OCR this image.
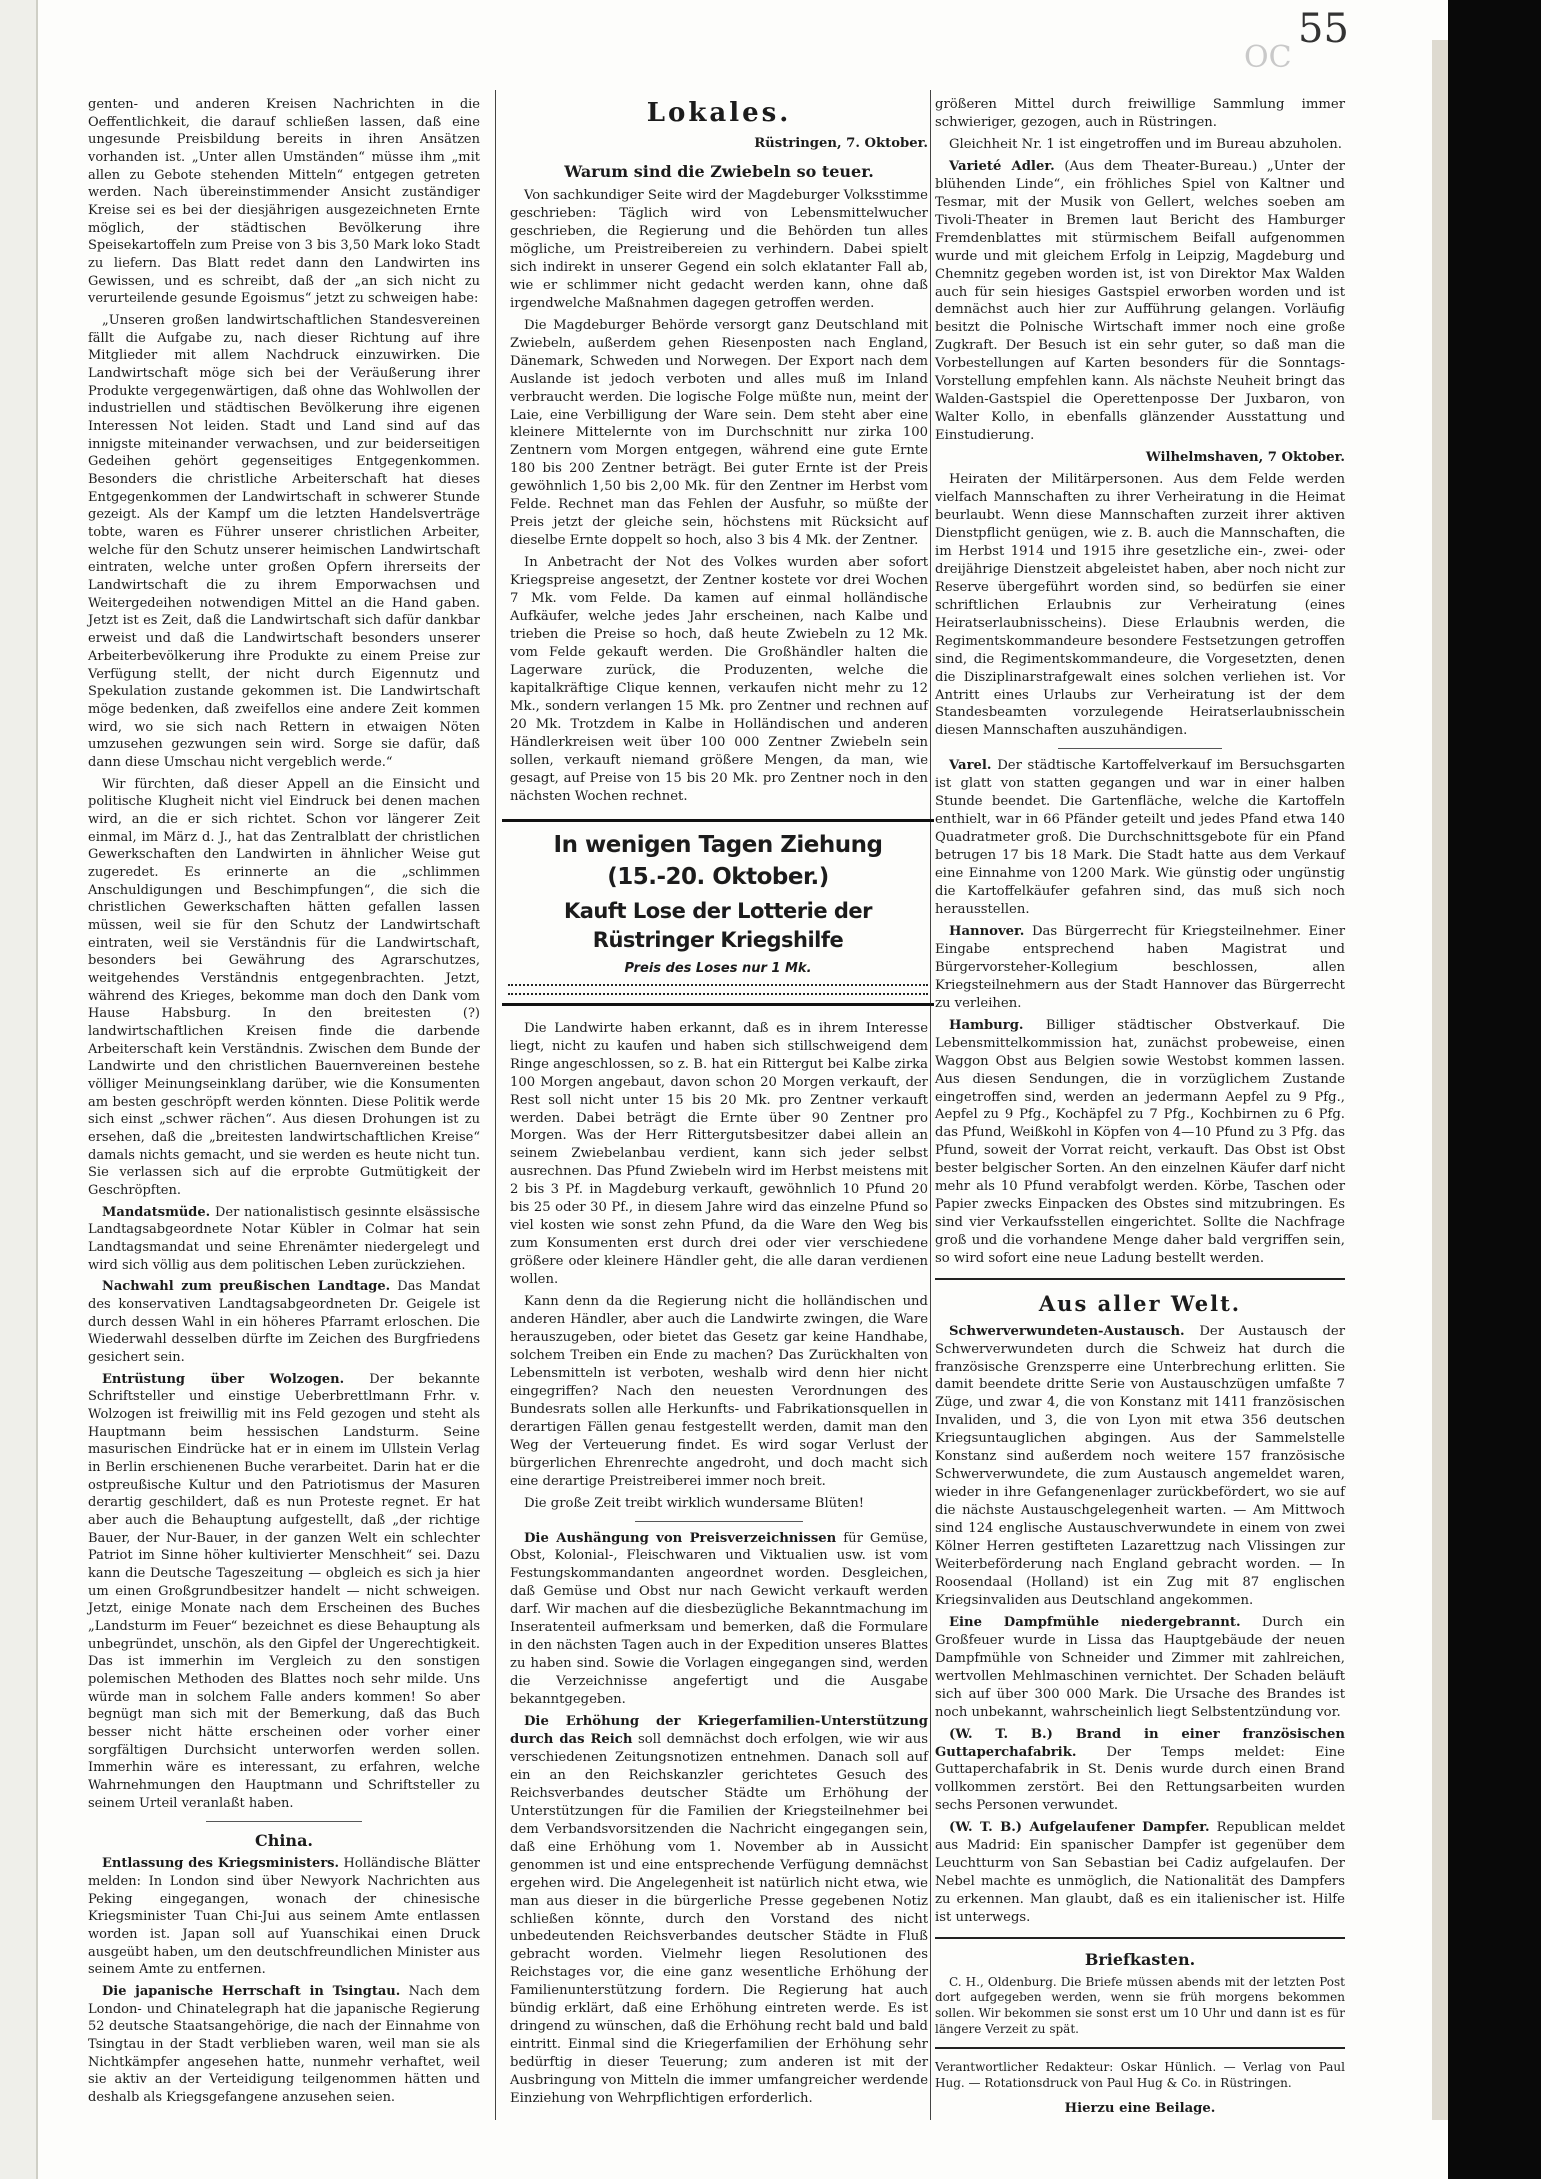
55
OC

genten- und anderen Kreisen Nachrichten in die Oeffentlichkeit, die darauf schließen lassen, daß eine ungesunde Preisbildung bereits in ihren Ansätzen vorhanden ist. „Unter allen Umständen“ müsse ihm „mit allen zu Gebote stehenden Mitteln“ entgegen getreten werden. Nach übereinstimmender Ansicht zuständiger Kreise sei es bei der diesjährigen ausgezeichneten Ernte möglich, der städtischen Bevölkerung ihre Speisekartoffeln zum Preise von 3 bis 3,50 Mark loko Stadt zu liefern. Das Blatt redet dann den Landwirten ins Gewissen, und es schreibt, daß der „an sich nicht zu verurteilende gesunde Egoismus“ jetzt zu schweigen habe:

„Unseren großen landwirtschaftlichen Standesvereinen fällt die Aufgabe zu, nach dieser Richtung auf ihre Mitglieder mit allem Nachdruck einzuwirken. Die Landwirtschaft möge sich bei der Veräußerung ihrer Produkte vergegenwärtigen, daß ohne das Wohlwollen der industriellen und städtischen Bevölkerung ihre eigenen Interessen Not leiden. Stadt und Land sind auf das innigste miteinander verwachsen, und zur beiderseitigen Gedeihen gehört gegenseitiges Entgegenkommen. Besonders die christliche Arbeiterschaft hat dieses Entgegenkommen der Landwirtschaft in schwerer Stunde gezeigt. Als der Kampf um die letzten Handelsverträge tobte, waren es Führer unserer christlichen Arbeiter, welche für den Schutz unserer heimischen Landwirtschaft eintraten, welche unter großen Opfern ihrerseits der Landwirtschaft die zu ihrem Emporwachsen und Weitergedeihen notwendigen Mittel an die Hand gaben. Jetzt ist es Zeit, daß die Landwirtschaft sich dafür dankbar erweist und daß die Landwirtschaft besonders unserer Arbeiterbevölkerung ihre Produkte zu einem Preise zur Verfügung stellt, der nicht durch Eigennutz und Spekulation zustande gekommen ist. Die Landwirtschaft möge bedenken, daß zweifellos eine andere Zeit kommen wird, wo sie sich nach Rettern in etwaigen Nöten umzusehen gezwungen sein wird. Sorge sie dafür, daß dann diese Umschau nicht vergeblich werde.“

Wir fürchten, daß dieser Appell an die Einsicht und politische Klugheit nicht viel Eindruck bei denen machen wird, an die er sich richtet. Schon vor längerer Zeit einmal, im März d. J., hat das Zentralblatt der christlichen Gewerkschaften den Landwirten in ähnlicher Weise gut zugeredet. Es erinnerte an die „schlimmen Anschuldigungen und Beschimpfungen“, die sich die christlichen Gewerkschaften hätten gefallen lassen müssen, weil sie für den Schutz der Landwirtschaft eintraten, weil sie Verständnis für die Landwirtschaft, besonders bei Gewährung des Agrarschutzes, weitgehendes Verständnis entgegenbrachten. Jetzt, während des Krieges, bekomme man doch den Dank vom Hause Habsburg. In den breitesten (?) landwirtschaftlichen Kreisen finde die darbende Arbeiterschaft kein Verständnis. Zwischen dem Bunde der Landwirte und den christlichen Bauernvereinen bestehe völliger Meinungseinklang darüber, wie die Konsumenten am besten geschröpft werden könnten. Diese Politik werde sich einst „schwer rächen“. Aus diesen Drohungen ist zu ersehen, daß die „breitesten landwirtschaftlichen Kreise“ damals nichts gemacht, und sie werden es heute nicht tun. Sie verlassen sich auf die erprobte Gutmütigkeit der Geschröpften.

Mandatsmüde. Der nationalistisch gesinnte elsässische Landtagsabgeordnete Notar Kübler in Colmar hat sein Landtagsmandat und seine Ehrenämter niedergelegt und wird sich völlig aus dem politischen Leben zurückziehen.

Nachwahl zum preußischen Landtage. Das Mandat des konservativen Landtagsabgeordneten Dr. Geigele ist durch dessen Wahl in ein höheres Pfarramt erloschen. Die Wiederwahl desselben dürfte im Zeichen des Burgfriedens gesichert sein.

Entrüstung über Wolzogen. Der bekannte Schriftsteller und einstige Ueberbrettlmann Frhr. v. Wolzogen ist freiwillig mit ins Feld gezogen und steht als Hauptmann beim hessischen Landsturm. Seine masurischen Eindrücke hat er in einem im Ullstein Verlag in Berlin erschienenen Buche verarbeitet. Darin hat er die ostpreußische Kultur und den Patriotismus der Masuren derartig geschildert, daß es nun Proteste regnet. Er hat aber auch die Behauptung aufgestellt, daß „der richtige Bauer, der Nur-Bauer, in der ganzen Welt ein schlechter Patriot im Sinne höher kultivierter Menschheit“ sei. Dazu kann die Deutsche Tageszeitung — obgleich es sich ja hier um einen Großgrundbesitzer handelt — nicht schweigen. Jetzt, einige Monate nach dem Erscheinen des Buches „Landsturm im Feuer“ bezeichnet es diese Behauptung als unbegründet, unschön, als den Gipfel der Ungerechtigkeit. Das ist immerhin im Vergleich zu den sonstigen polemischen Methoden des Blattes noch sehr milde. Uns würde man in solchem Falle anders kommen! So aber begnügt man sich mit der Bemerkung, daß das Buch besser nicht hätte erscheinen oder vorher einer sorgfältigen Durchsicht unterworfen werden sollen. Immerhin wäre es interessant, zu erfahren, welche Wahrnehmungen den Hauptmann und Schriftsteller zu seinem Urteil veranlaßt haben.

China.

Entlassung des Kriegsministers. Holländische Blätter melden: In London sind über Newyork Nachrichten aus Peking eingegangen, wonach der chinesische Kriegsminister Tuan Chi-Jui aus seinem Amte entlassen worden ist. Japan soll auf Yuanschikai einen Druck ausgeübt haben, um den deutschfreundlichen Minister aus seinem Amte zu entfernen.

Die japanische Herrschaft in Tsingtau. Nach dem London- und Chinatelegraph hat die japanische Regierung 52 deutsche Staatsangehörige, die nach der Einnahme von Tsingtau in der Stadt verblieben waren, weil man sie als Nichtkämpfer angesehen hatte, nunmehr verhaftet, weil sie aktiv an der Verteidigung teilgenommen hätten und deshalb als Kriegsgefangene anzusehen seien.

Lokales.
Rüstringen, 7. Oktober.
Warum sind die Zwiebeln so teuer.

Von sachkundiger Seite wird der Magdeburger Volksstimme geschrieben: Täglich wird von Lebensmittelwucher geschrieben, die Regierung und die Behörden tun alles mögliche, um Preistreibereien zu verhindern. Dabei spielt sich indirekt in unserer Gegend ein solch eklatanter Fall ab, wie er schlimmer nicht gedacht werden kann, ohne daß irgendwelche Maßnahmen dagegen getroffen werden.

Die Magdeburger Behörde versorgt ganz Deutschland mit Zwiebeln, außerdem gehen Riesenposten nach England, Dänemark, Schweden und Norwegen. Der Export nach dem Auslande ist jedoch verboten und alles muß im Inland verbraucht werden. Die logische Folge müßte nun, meint der Laie, eine Verbilligung der Ware sein. Dem steht aber eine kleinere Mittelernte von im Durchschnitt nur zirka 100 Zentnern vom Morgen entgegen, während eine gute Ernte 180 bis 200 Zentner beträgt. Bei guter Ernte ist der Preis gewöhnlich 1,50 bis 2,00 Mk. für den Zentner im Herbst vom Felde. Rechnet man das Fehlen der Ausfuhr, so müßte der Preis jetzt der gleiche sein, höchstens mit Rücksicht auf dieselbe Ernte doppelt so hoch, also 3 bis 4 Mk. der Zentner.

In Anbetracht der Not des Volkes wurden aber sofort Kriegspreise angesetzt, der Zentner kostete vor drei Wochen 7 Mk. vom Felde. Da kamen auf einmal holländische Aufkäufer, welche jedes Jahr erscheinen, nach Kalbe und trieben die Preise so hoch, daß heute Zwiebeln zu 12 Mk. vom Felde gekauft werden. Die Großhändler halten die Lagerware zurück, die Produzenten, welche die kapitalkräftige Clique kennen, verkaufen nicht mehr zu 12 Mk., sondern verlangen 15 Mk. pro Zentner und rechnen auf 20 Mk. Trotzdem in Kalbe in Holländischen und anderen Händlerkreisen weit über 100 000 Zentner Zwiebeln sein sollen, verkauft niemand größere Mengen, da man, wie gesagt, auf Preise von 15 bis 20 Mk. pro Zentner noch in den nächsten Wochen rechnet.

In wenigen Tagen Ziehung (15.-20. Oktober.)
Kauft Lose der Lotterie der Rüstringer Kriegshilfe
Preis des Loses nur 1 Mk.

Die Landwirte haben erkannt, daß es in ihrem Interesse liegt, nicht zu kaufen und haben sich stillschweigend dem Ringe angeschlossen, so z. B. hat ein Rittergut bei Kalbe zirka 100 Morgen angebaut, davon schon 20 Morgen verkauft, der Rest soll nicht unter 15 bis 20 Mk. pro Zentner verkauft werden. Dabei beträgt die Ernte über 90 Zentner pro Morgen. Was der Herr Rittergutsbesitzer dabei allein an seinem Zwiebelanbau verdient, kann sich jeder selbst ausrechnen. Das Pfund Zwiebeln wird im Herbst meistens mit 2 bis 3 Pf. in Magdeburg verkauft, gewöhnlich 10 Pfund 20 bis 25 oder 30 Pf., in diesem Jahre wird das einzelne Pfund so viel kosten wie sonst zehn Pfund, da die Ware den Weg bis zum Konsumenten erst durch drei oder vier verschiedene größere oder kleinere Händler geht, die alle daran verdienen wollen.

Kann denn da die Regierung nicht die holländischen und anderen Händler, aber auch die Landwirte zwingen, die Ware herauszugeben, oder bietet das Gesetz gar keine Handhabe, solchem Treiben ein Ende zu machen? Das Zurückhalten von Lebensmitteln ist verboten, weshalb wird denn hier nicht eingegriffen? Nach den neuesten Verordnungen des Bundesrats sollen alle Herkunfts- und Fabrikationsquellen in derartigen Fällen genau festgestellt werden, damit man den Weg der Verteuerung findet. Es wird sogar Verlust der bürgerlichen Ehrenrechte angedroht, und doch macht sich eine derartige Preistreiberei immer noch breit.

Die große Zeit treibt wirklich wundersame Blüten!

Die Aushängung von Preisverzeichnissen für Gemüse, Obst, Kolonial-, Fleischwaren und Viktualien usw. ist vom Festungskommandanten angeordnet worden. Desgleichen, daß Gemüse und Obst nur nach Gewicht verkauft werden darf. Wir machen auf die diesbezügliche Bekanntmachung im Inseratenteil aufmerksam und bemerken, daß die Formulare in den nächsten Tagen auch in der Expedition unseres Blattes zu haben sind. Sowie die Vorlagen eingegangen sind, werden die Verzeichnisse angefertigt und die Ausgabe bekanntgegeben.

Die Erhöhung der Kriegerfamilien-Unterstützung durch das Reich soll demnächst doch erfolgen, wie wir aus verschiedenen Zeitungsnotizen entnehmen. Danach soll auf ein an den Reichskanzler gerichtetes Gesuch des Reichsverbandes deutscher Städte um Erhöhung der Unterstützungen für die Familien der Kriegsteilnehmer bei dem Verbandsvorsitzenden die Nachricht eingegangen sein, daß eine Erhöhung vom 1. November ab in Aussicht genommen ist und eine entsprechende Verfügung demnächst ergehen wird. Die Angelegenheit ist natürlich nicht etwa, wie man aus dieser in die bürgerliche Presse gegebenen Notiz schließen könnte, durch den Vorstand des nicht unbedeutenden Reichsverbandes deutscher Städte in Fluß gebracht worden. Vielmehr liegen Resolutionen des Reichstages vor, die eine ganz wesentliche Erhöhung der Familienunterstützung fordern. Die Regierung hat auch bündig erklärt, daß eine Erhöhung eintreten werde. Es ist dringend zu wünschen, daß die Erhöhung recht bald und bald eintritt. Einmal sind die Kriegerfamilien der Erhöhung sehr bedürftig in dieser Teuerung; zum anderen ist mit der Ausbringung von Mitteln die immer umfangreicher werdende Einziehung von Wehrpflichtigen erforderlich.

größeren Mittel durch freiwillige Sammlung immer schwieriger, gezogen, auch in Rüstringen.

Gleichheit Nr. 1 ist eingetroffen und im Bureau abzuholen.

Varieté Adler. (Aus dem Theater-Bureau.) „Unter der blühenden Linde“, ein fröhliches Spiel von Kaltner und Tesmar, mit der Musik von Gellert, welches soeben am Tivoli-Theater in Bremen laut Bericht des Hamburger Fremdenblattes mit stürmischem Beifall aufgenommen wurde und mit gleichem Erfolg in Leipzig, Magdeburg und Chemnitz gegeben worden ist, ist von Direktor Max Walden auch für sein hiesiges Gastspiel erworben worden und ist demnächst auch hier zur Aufführung gelangen. Vorläufig besitzt die Polnische Wirtschaft immer noch eine große Zugkraft. Der Besuch ist ein sehr guter, so daß man die Vorbestellungen auf Karten besonders für die Sonntags-Vorstellung empfehlen kann. Als nächste Neuheit bringt das Walden-Gastspiel die Operettenposse Der Juxbaron, von Walter Kollo, in ebenfalls glänzender Ausstattung und Einstudierung.

Wilhelmshaven, 7 Oktober.

Heiraten der Militärpersonen. Aus dem Felde werden vielfach Mannschaften zu ihrer Verheiratung in die Heimat beurlaubt. Wenn diese Mannschaften zurzeit ihrer aktiven Dienstpflicht genügen, wie z. B. auch die Mannschaften, die im Herbst 1914 und 1915 ihre gesetzliche ein-, zwei- oder dreijährige Dienstzeit abgeleistet haben, aber noch nicht zur Reserve übergeführt worden sind, so bedürfen sie einer schriftlichen Erlaubnis zur Verheiratung (eines Heiratserlaubnisscheins). Diese Erlaubnis werden, die Regimentskommandeure besondere Festsetzungen getroffen sind, die Regimentskommandeure, die Vorgesetzten, denen die Disziplinarstrafgewalt eines solchen verliehen ist. Vor Antritt eines Urlaubs zur Verheiratung ist der dem Standesbeamten vorzulegende Heiratserlaubnisschein diesen Mannschaften auszuhändigen.

Varel. Der städtische Kartoffelverkauf im Bersuchsgarten ist glatt von statten gegangen und war in einer halben Stunde beendet. Die Gartenfläche, welche die Kartoffeln enthielt, war in 66 Pfänder geteilt und jedes Pfand etwa 140 Quadratmeter groß. Die Durchschnittsgebote für ein Pfand betrugen 17 bis 18 Mark. Die Stadt hatte aus dem Verkauf eine Einnahme von 1200 Mark. Wie günstig oder ungünstig die Kartoffelkäufer gefahren sind, das muß sich noch herausstellen.

Hannover. Das Bürgerrecht für Kriegsteilnehmer. Einer Eingabe entsprechend haben Magistrat und Bürgervorsteher-Kollegium beschlossen, allen Kriegsteilnehmern aus der Stadt Hannover das Bürgerrecht zu verleihen.

Hamburg. Billiger städtischer Obstverkauf. Die Lebensmittelkommission hat, zunächst probeweise, einen Waggon Obst aus Belgien sowie Westobst kommen lassen. Aus diesen Sendungen, die in vorzüglichem Zustande eingetroffen sind, werden an jedermann Aepfel zu 9 Pfg., Aepfel zu 9 Pfg., Kochäpfel zu 7 Pfg., Kochbirnen zu 6 Pfg. das Pfund, Weißkohl in Köpfen von 4—10 Pfund zu 3 Pfg. das Pfund, soweit der Vorrat reicht, verkauft. Das Obst ist Obst bester belgischer Sorten. An den einzelnen Käufer darf nicht mehr als 10 Pfund verabfolgt werden. Körbe, Taschen oder Papier zwecks Einpacken des Obstes sind mitzubringen. Es sind vier Verkaufsstellen eingerichtet. Sollte die Nachfrage groß und die vorhandene Menge daher bald vergriffen sein, so wird sofort eine neue Ladung bestellt werden.

Aus aller Welt.

Schwerverwundeten-Austausch. Der Austausch der Schwerverwundeten durch die Schweiz hat durch die französische Grenzsperre eine Unterbrechung erlitten. Sie damit beendete dritte Serie von Austauschzügen umfaßte 7 Züge, und zwar 4, die von Konstanz mit 1411 französischen Invaliden, und 3, die von Lyon mit etwa 356 deutschen Kriegsuntauglichen abgingen. Aus der Sammelstelle Konstanz sind außerdem noch weitere 157 französische Schwerverwundete, die zum Austausch angemeldet waren, wieder in ihre Gefangenenlager zurückbefördert, wo sie auf die nächste Austauschgelegenheit warten. — Am Mittwoch sind 124 englische Austauschverwundete in einem von zwei Kölner Herren gestifteten Lazarettzug nach Vlissingen zur Weiterbeförderung nach England gebracht worden. — In Roosendaal (Holland) ist ein Zug mit 87 englischen Kriegsinvaliden aus Deutschland angekommen.

Eine Dampfmühle niedergebrannt. Durch ein Großfeuer wurde in Lissa das Hauptgebäude der neuen Dampfmühle von Schneider und Zimmer mit zahlreichen, wertvollen Mehlmaschinen vernichtet. Der Schaden beläuft sich auf über 300 000 Mark. Die Ursache des Brandes ist noch unbekannt, wahrscheinlich liegt Selbstentzündung vor.

(W. T. B.) Brand in einer französischen Guttaperchafabrik. Der Temps meldet: Eine Guttaperchafabrik in St. Denis wurde durch einen Brand vollkommen zerstört. Bei den Rettungsarbeiten wurden sechs Personen verwundet.

(W. T. B.) Aufgelaufener Dampfer. Republican meldet aus Madrid: Ein spanischer Dampfer ist gegenüber dem Leuchtturm von San Sebastian bei Cadiz aufgelaufen. Der Nebel machte es unmöglich, die Nationalität des Dampfers zu erkennen. Man glaubt, daß es ein italienischer ist. Hilfe ist unterwegs.

Briefkasten.

C. H., Oldenburg. Die Briefe müssen abends mit der letzten Post dort aufgegeben werden, wenn sie früh morgens bekommen sollen. Wir bekommen sie sonst erst um 10 Uhr und dann ist es für längere Verzeit zu spät.

Verantwortlicher Redakteur: Oskar Hünlich. — Verlag von Paul Hug. — Rotationsdruck von Paul Hug & Co. in Rüstringen.

Hierzu eine Beilage.
